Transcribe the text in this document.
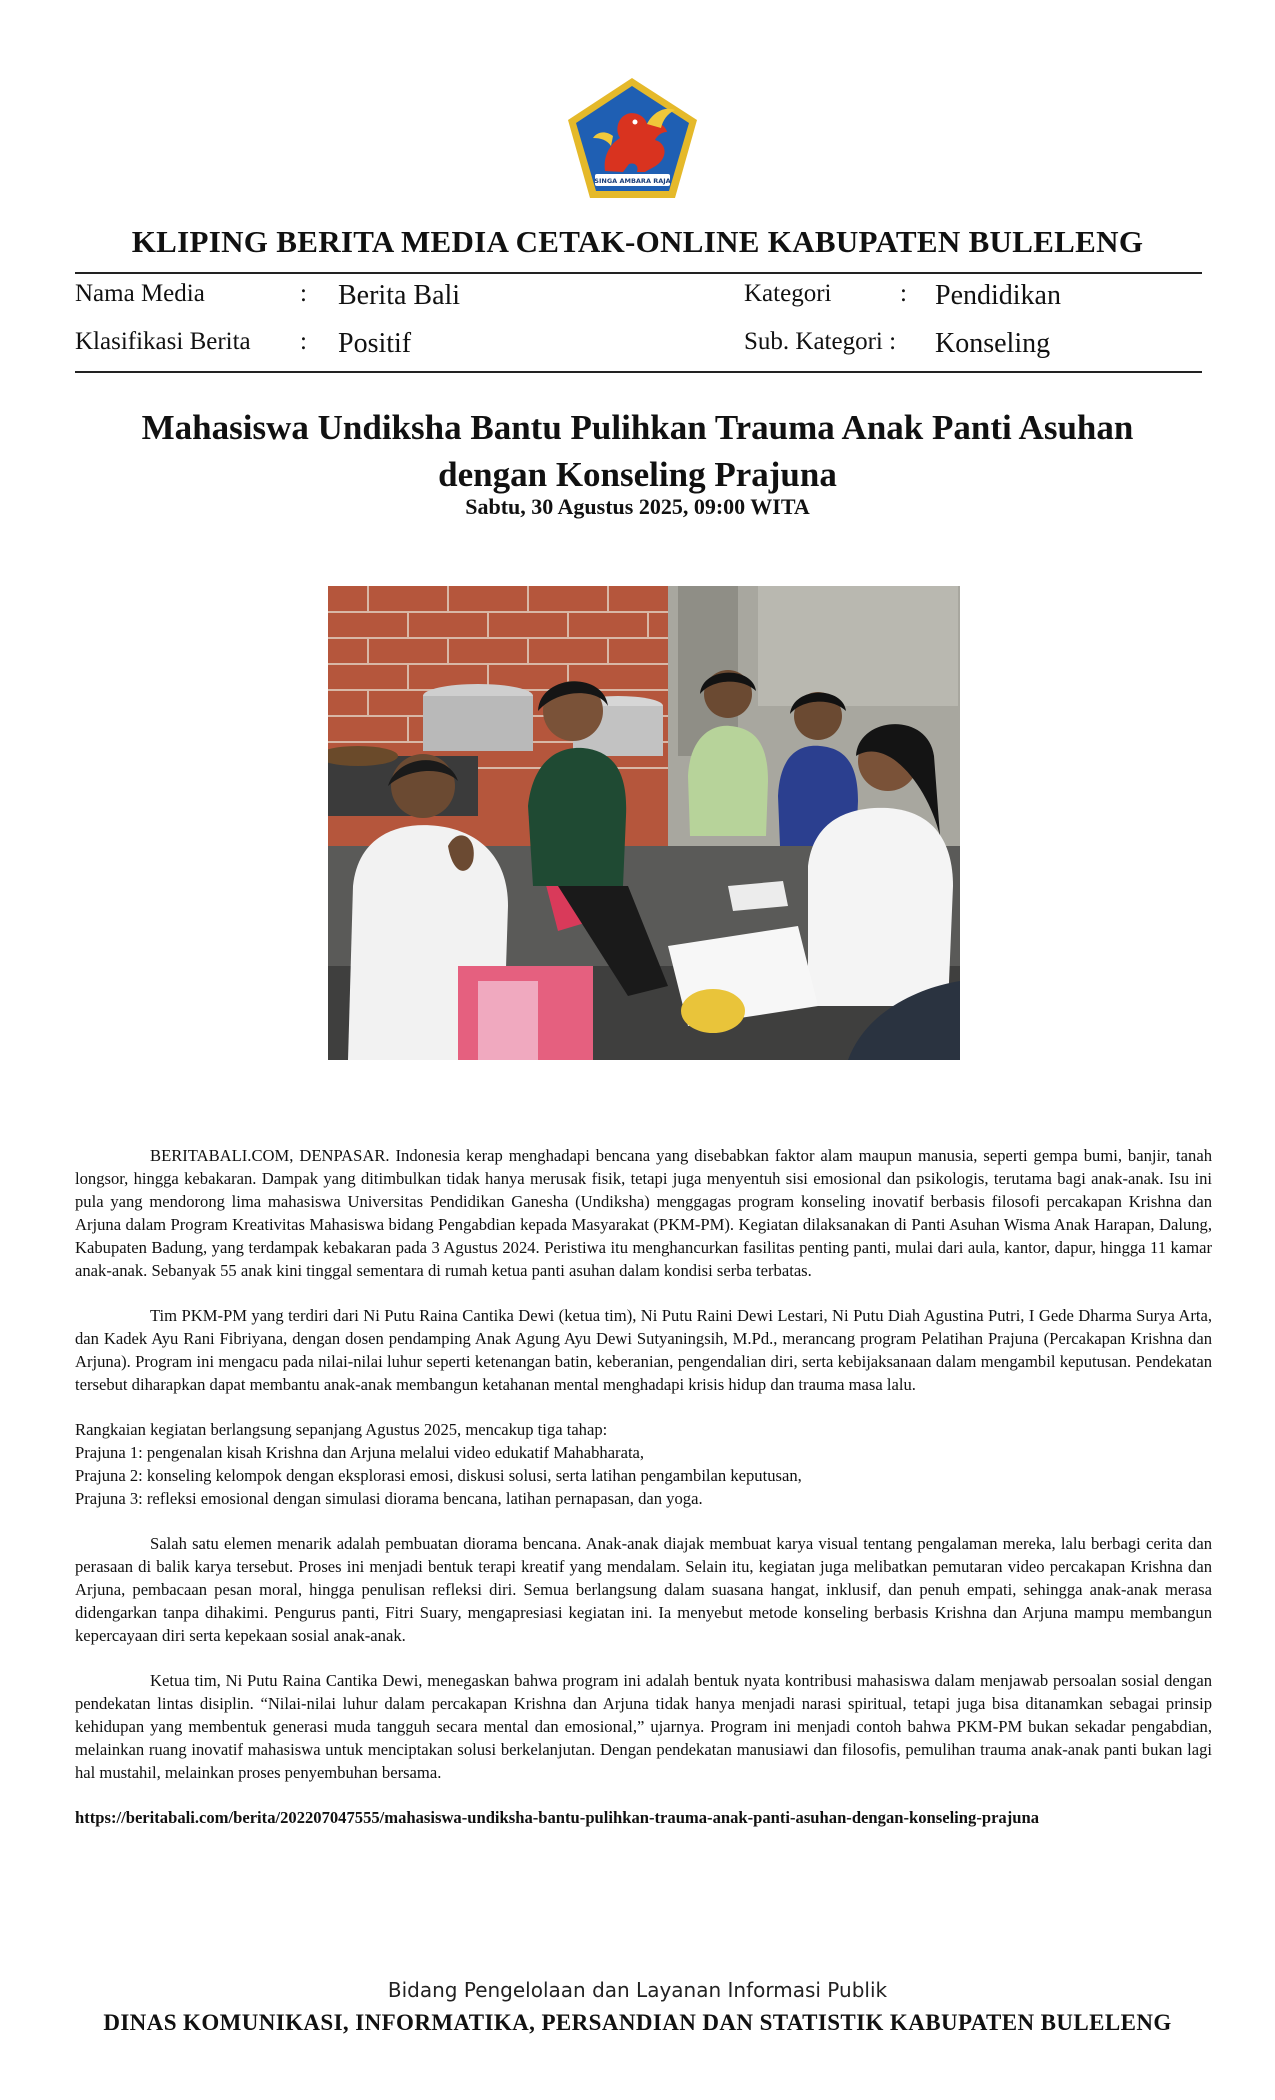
SINGA AMBARA RAJA
KLIPING BERITA MEDIA CETAK-ONLINE KABUPATEN BULELENG
Nama Media	: Berita Bali
Klasifikasi Berita : Positif
Kategori	: Pendidikan
Sub. Kategori : Konseling
Mahasiswa Undiksha Bantu Pulihkan Trauma Anak Panti Asuhan dengan Konseling Prajuna
Sabtu, 30 Agustus 2025, 09:00 WITA

BERITABALI.COM, DENPASAR. Indonesia kerap menghadapi bencana yang disebabkan faktor alam maupun manusia, seperti gempa bumi, banjir, tanah longsor, hingga kebakaran. Dampak yang ditimbulkan tidak hanya merusak fisik, tetapi juga menyentuh sisi emosional dan psikologis, terutama bagi anak-anak. Isu ini pula yang mendorong lima mahasiswa Universitas Pendidikan Ganesha (Undiksha) menggagas program konseling inovatif berbasis filosofi percakapan Krishna dan Arjuna dalam Program Kreativitas Mahasiswa bidang Pengabdian kepada Masyarakat (PKM-PM). Kegiatan dilaksanakan di Panti Asuhan Wisma Anak Harapan, Dalung, Kabupaten Badung, yang terdampak kebakaran pada 3 Agustus 2024. Peristiwa itu menghancurkan fasilitas penting panti, mulai dari aula, kantor, dapur, hingga 11 kamar anak-anak. Sebanyak 55 anak kini tinggal sementara di rumah ketua panti asuhan dalam kondisi serba terbatas.

Tim PKM-PM yang terdiri dari Ni Putu Raina Cantika Dewi (ketua tim), Ni Putu Raini Dewi Lestari, Ni Putu Diah Agustina Putri, I Gede Dharma Surya Arta, dan Kadek Ayu Rani Fibriyana, dengan dosen pendamping Anak Agung Ayu Dewi Sutyaningsih, M.Pd., merancang program Pelatihan Prajuna (Percakapan Krishna dan Arjuna). Program ini mengacu pada nilai-nilai luhur seperti ketenangan batin, keberanian, pengendalian diri, serta kebijaksanaan dalam mengambil keputusan. Pendekatan tersebut diharapkan dapat membantu anak-anak membangun ketahanan mental menghadapi krisis hidup dan trauma masa lalu.

Rangkaian kegiatan berlangsung sepanjang Agustus 2025, mencakup tiga tahap:
Prajuna 1: pengenalan kisah Krishna dan Arjuna melalui video edukatif Mahabharata,
Prajuna 2: konseling kelompok dengan eksplorasi emosi, diskusi solusi, serta latihan pengambilan keputusan,
Prajuna 3: refleksi emosional dengan simulasi diorama bencana, latihan pernapasan, dan yoga.

Salah satu elemen menarik adalah pembuatan diorama bencana. Anak-anak diajak membuat karya visual tentang pengalaman mereka, lalu berbagi cerita dan perasaan di balik karya tersebut. Proses ini menjadi bentuk terapi kreatif yang mendalam. Selain itu, kegiatan juga melibatkan pemutaran video percakapan Krishna dan Arjuna, pembacaan pesan moral, hingga penulisan refleksi diri. Semua berlangsung dalam suasana hangat, inklusif, dan penuh empati, sehingga anak-anak merasa didengarkan tanpa dihakimi. Pengurus panti, Fitri Suary, mengapresiasi kegiatan ini. Ia menyebut metode konseling berbasis Krishna dan Arjuna mampu membangun kepercayaan diri serta kepekaan sosial anak-anak.

Ketua tim, Ni Putu Raina Cantika Dewi, menegaskan bahwa program ini adalah bentuk nyata kontribusi mahasiswa dalam menjawab persoalan sosial dengan pendekatan lintas disiplin. “Nilai-nilai luhur dalam percakapan Krishna dan Arjuna tidak hanya menjadi narasi spiritual, tetapi juga bisa ditanamkan sebagai prinsip kehidupan yang membentuk generasi muda tangguh secara mental dan emosional,” ujarnya. Program ini menjadi contoh bahwa PKM-PM bukan sekadar pengabdian, melainkan ruang inovatif mahasiswa untuk menciptakan solusi berkelanjutan. Dengan pendekatan manusiawi dan filosofis, pemulihan trauma anak-anak panti bukan lagi hal mustahil, melainkan proses penyembuhan bersama.

https://beritabali.com/berita/202207047555/mahasiswa-undiksha-bantu-pulihkan-trauma-anak-panti-asuhan-dengan-konseling-prajuna

Bidang Pengelolaan dan Layanan Informasi Publik
DINAS KOMUNIKASI, INFORMATIKA, PERSANDIAN DAN STATISTIK KABUPATEN BULELENG
